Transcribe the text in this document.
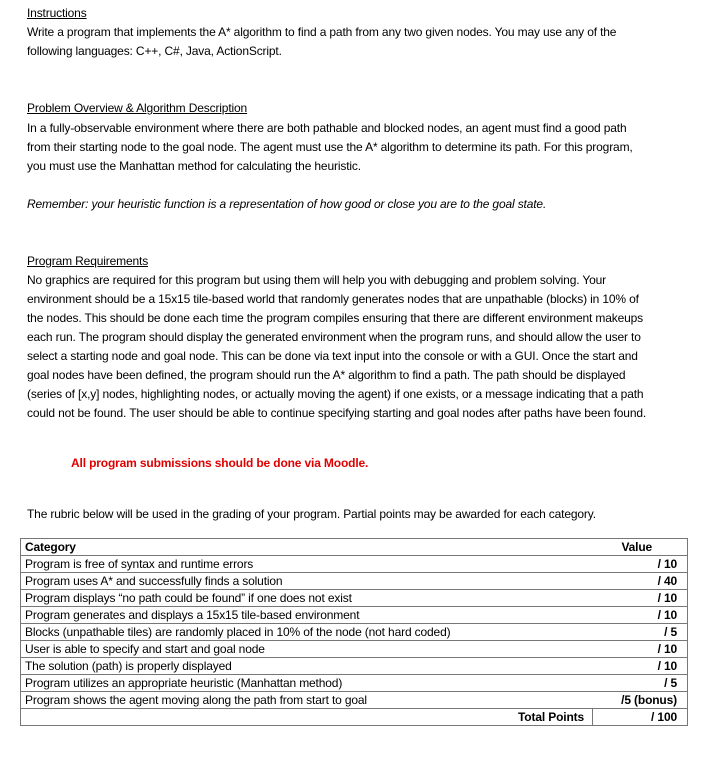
Instructions
Write a program that implements the A* algorithm to find a path from any two given nodes. You may use any of the
following languages: C++, C#, Java, ActionScript.
Problem Overview & Algorithm Description
In a fully-observable environment where there are both pathable and blocked nodes, an agent must find a good path
from their starting node to the goal node. The agent must use the A* algorithm to determine its path. For this program,
you must use the Manhattan method for calculating the heuristic.
Remember: your heuristic function is a representation of how good or close you are to the goal state.
Program Requirements
No graphics are required for this program but using them will help you with debugging and problem solving. Your
environment should be a 15x15 tile-based world that randomly generates nodes that are unpathable (blocks) in 10% of
the nodes. This should be done each time the program compiles ensuring that there are different environment makeups
each run. The program should display the generated environment when the program runs, and should allow the user to
select a starting node and goal node. This can be done via text input into the console or with a GUI. Once the start and
goal nodes have been defined, the program should run the A* algorithm to find a path. The path should be displayed
(series of [x,y] nodes, highlighting nodes, or actually moving the agent) if one exists, or a message indicating that a path
could not be found. The user should be able to continue specifying starting and goal nodes after paths have been found.
All program submissions should be done via Moodle.
The rubric below will be used in the grading of your program. Partial points may be awarded for each category.
Category	Value
Program is free of syntax and runtime errors	/ 10
Program uses A* and successfully finds a solution	/ 40
Program displays “no path could be found” if one does not exist	/ 10
Program generates and displays a 15x15 tile-based environment	/ 10
Blocks (unpathable tiles) are randomly placed in 10% of the node (not hard coded)	/ 5
User is able to specify and start and goal node	/ 10
The solution (path) is properly displayed	/ 10
Program utilizes an appropriate heuristic (Manhattan method)	/ 5
Program shows the agent moving along the path from start to goal	/5 (bonus)
Total Points	/ 100
